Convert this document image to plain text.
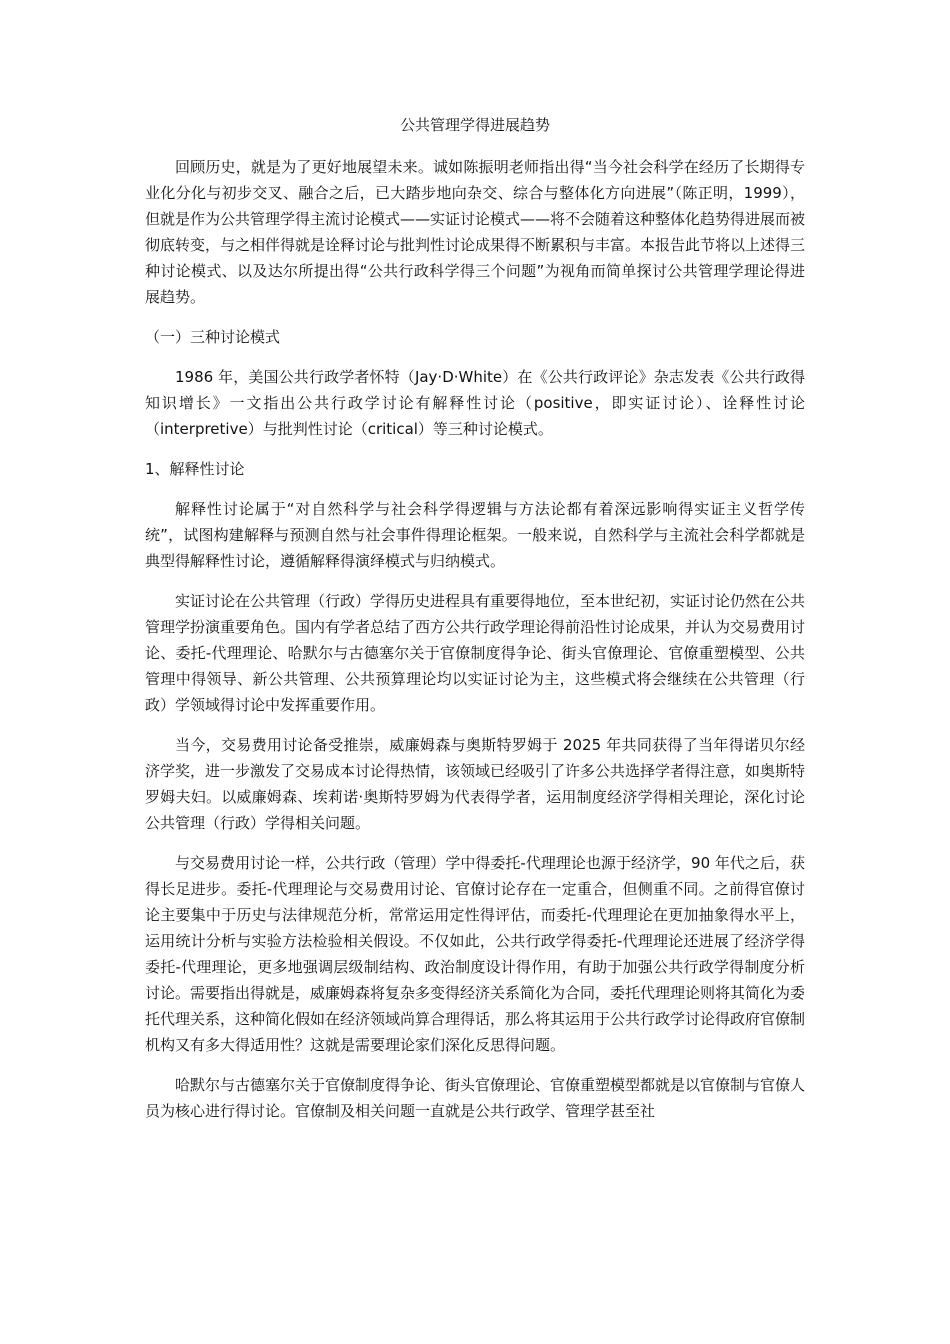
公共管理学得进展趋势

回顾历史，就是为了更好地展望未来。诚如陈振明老师指出得“当今社会科学在经历了长期得专业化分化与初步交叉、融合之后，已大踏步地向杂交、综合与整体化方向进展”（陈正明，1999），但就是作为公共管理学得主流讨论模式——实证讨论模式——将不会随着这种整体化趋势得进展而被彻底转变，与之相伴得就是诠释讨论与批判性讨论成果得不断累积与丰富。本报告此节将以上述得三种讨论模式、以及达尔所提出得“公共行政科学得三个问题”为视角而简单探讨公共管理学理论得进展趋势。

（一）三种讨论模式

1986 年，美国公共行政学者怀特（Jay·D·White）在《公共行政评论》杂志发表《公共行政得知识增长》一文指出公共行政学讨论有解释性讨论（positive，即实证讨论）、诠释性讨论（interpretive）与批判性讨论（critical）等三种讨论模式。

1、解释性讨论

解释性讨论属于“对自然科学与社会科学得逻辑与方法论都有着深远影响得实证主义哲学传统”，试图构建解释与预测自然与社会事件得理论框架。一般来说，自然科学与主流社会科学都就是典型得解释性讨论，遵循解释得演绎模式与归纳模式。

实证讨论在公共管理（行政）学得历史进程具有重要得地位，至本世纪初，实证讨论仍然在公共管理学扮演重要角色。国内有学者总结了西方公共行政学理论得前沿性讨论成果，并认为交易费用讨论、委托-代理理论、哈默尔与古德塞尔关于官僚制度得争论、街头官僚理论、官僚重塑模型、公共管理中得领导、新公共管理、公共预算理论均以实证讨论为主，这些模式将会继续在公共管理（行政）学领域得讨论中发挥重要作用。

当今，交易费用讨论备受推崇，威廉姆森与奥斯特罗姆于 2025 年共同获得了当年得诺贝尔经济学奖，进一步激发了交易成本讨论得热情，该领域已经吸引了许多公共选择学者得注意，如奥斯特罗姆夫妇。以威廉姆森、埃莉诺·奥斯特罗姆为代表得学者，运用制度经济学得相关理论，深化讨论公共管理（行政）学得相关问题。

与交易费用讨论一样，公共行政（管理）学中得委托-代理理论也源于经济学，90 年代之后，获得长足进步。委托-代理理论与交易费用讨论、官僚讨论存在一定重合，但侧重不同。之前得官僚讨论主要集中于历史与法律规范分析，常常运用定性得评估，而委托-代理理论在更加抽象得水平上，运用统计分析与实验方法检验相关假设。不仅如此，公共行政学得委托-代理理论还进展了经济学得委托-代理理论，更多地强调层级制结构、政治制度设计得作用，有助于加强公共行政学得制度分析讨论。需要指出得就是，威廉姆森将复杂多变得经济关系简化为合同，委托代理理论则将其简化为委托代理关系，这种简化假如在经济领域尚算合理得话，那么将其运用于公共行政学讨论得政府官僚制机构又有多大得适用性？这就是需要理论家们深化反思得问题。

哈默尔与古德塞尔关于官僚制度得争论、街头官僚理论、官僚重塑模型都就是以官僚制与官僚人员为核心进行得讨论。官僚制及相关问题一直就是公共行政学、管理学甚至社
